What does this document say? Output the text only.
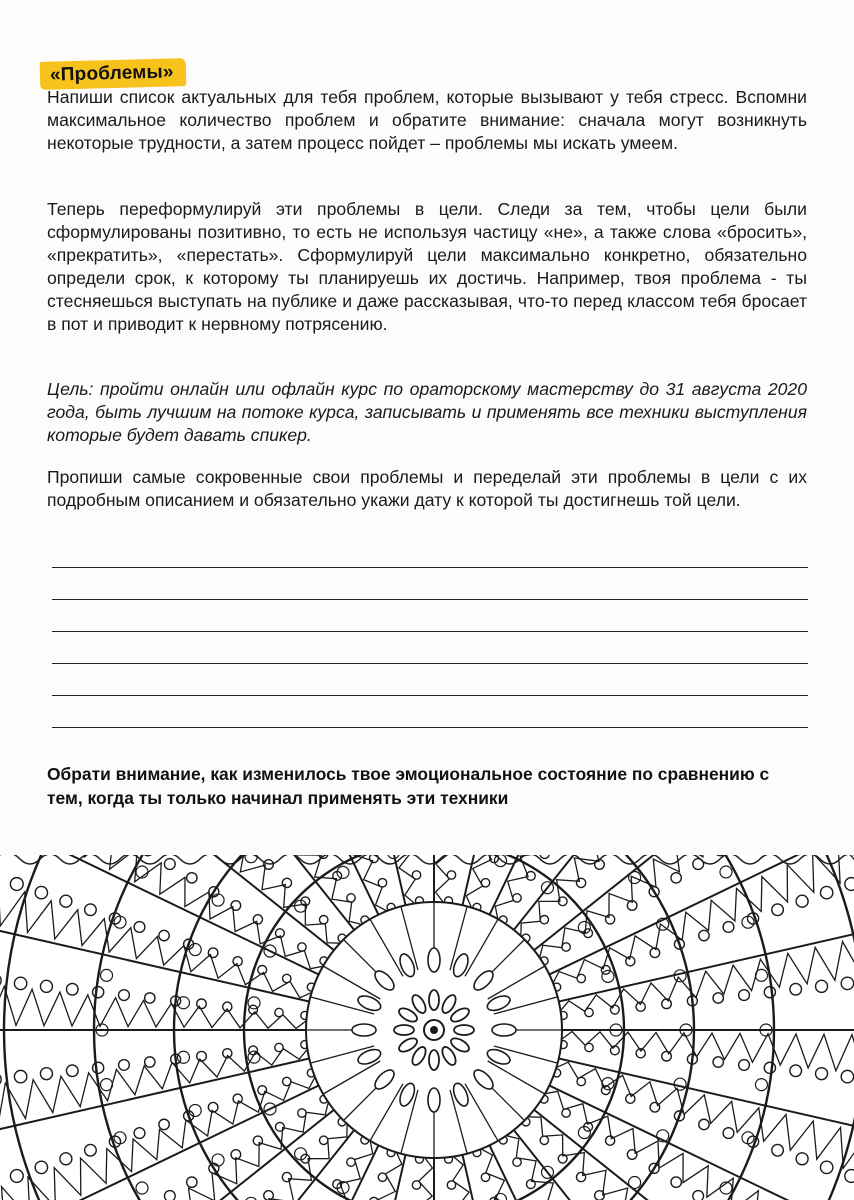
«Проблемы»

Напиши список актуальных для тебя проблем, которые вызывают у тебя стресс. Вспомни максимальное количество проблем и обратите внимание: сначала могут возникнуть некоторые трудности, а затем процесс пойдет – проблемы мы искать умеем.

Теперь переформулируй эти проблемы в цели. Следи за тем, чтобы цели были сформулированы позитивно, то есть не используя частицу «не», а также слова «бросить», «прекратить», «перестать». Сформулируй цели максимально конкретно, обязательно определи срок, к которому ты планируешь их достичь. Например, твоя проблема - ты стесняешься выступать на публике и даже рассказывая, что-то перед классом тебя бросает в пот и приводит к нервному потрясению.

Цель: пройти онлайн или офлайн курс по ораторскому мастерству до 31 августа 2020 года, быть лучшим на потоке курса, записывать и применять все техники выступления которые будет давать спикер.

Пропиши самые сокровенные свои проблемы и переделай эти проблемы в цели с их подробным описанием и обязательно укажи дату к которой ты достигнешь той цели.

Обрати внимание, как изменилось твое эмоциональное состояние по сравнению с тем, когда ты только начинал применять эти техники
